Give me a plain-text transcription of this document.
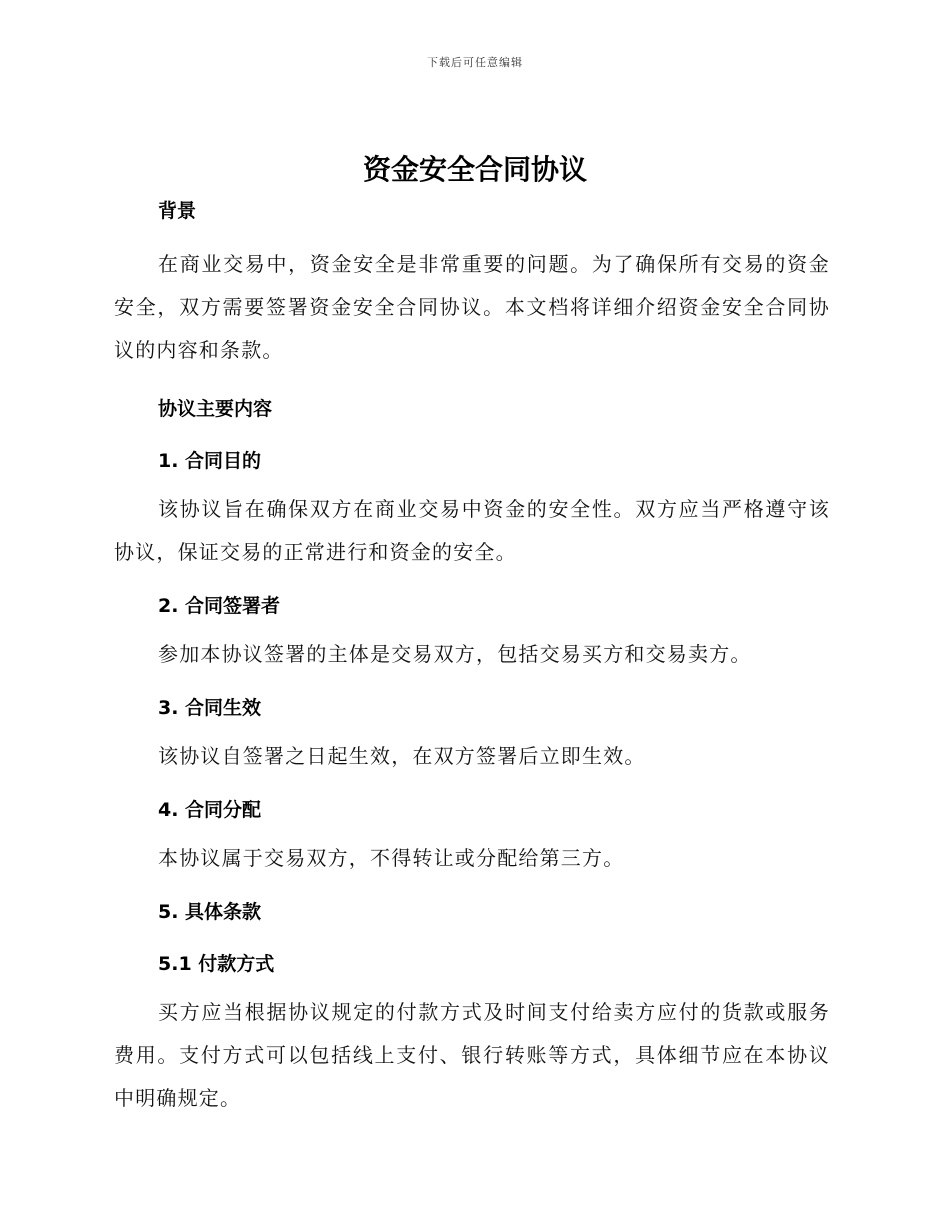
下载后可任意编辑
资金安全合同协议
背景

在商业交易中，资金安全是非常重要的问题。为了确保所有交易的资金安全，双方需要签署资金安全合同协议。本文档将详细介绍资金安全合同协议的内容和条款。

协议主要内容
1. 合同目的

该协议旨在确保双方在商业交易中资金的安全性。双方应当严格遵守该协议，保证交易的正常进行和资金的安全。

2. 合同签署者

参加本协议签署的主体是交易双方，包括交易买方和交易卖方。

3. 合同生效

该协议自签署之日起生效，在双方签署后立即生效。

4. 合同分配

本协议属于交易双方，不得转让或分配给第三方。

5. 具体条款
5.1 付款方式

买方应当根据协议规定的付款方式及时间支付给卖方应付的货款或服务费用。支付方式可以包括线上支付、银行转账等方式，具体细节应在本协议中明确规定。
